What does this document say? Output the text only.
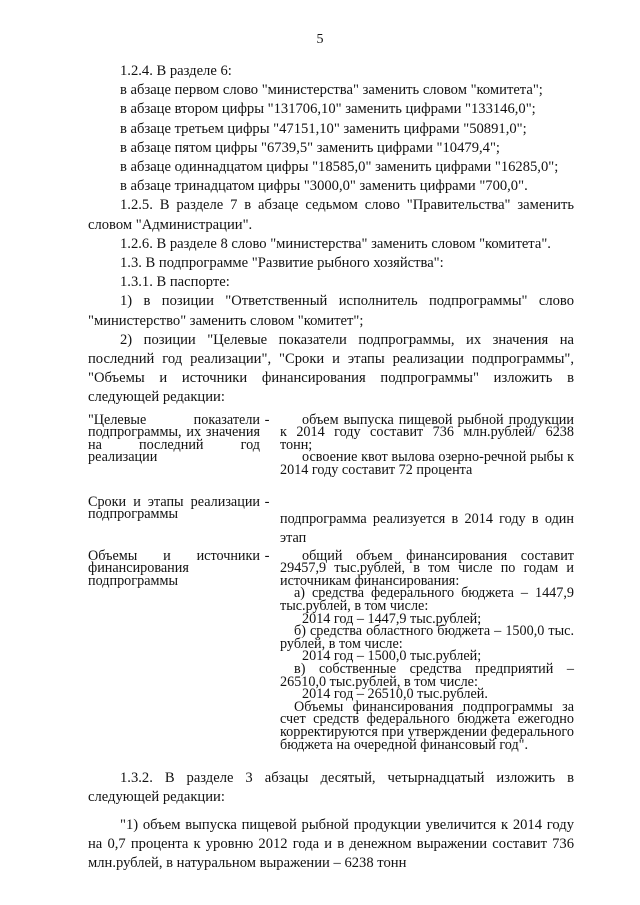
5

1.2.4. В разделе 6:

в абзаце первом слово "министерства" заменить словом "комитета";

в абзаце втором цифры "131706,10" заменить цифрами "133146,0";

в абзаце третьем цифры "47151,10" заменить цифрами "50891,0";

в абзаце пятом цифры "6739,5" заменить цифрами "10479,4";

в абзаце одиннадцатом цифры "18585,0" заменить цифрами "16285,0";

в абзаце тринадцатом цифры "3000,0" заменить цифрами "700,0".

1.2.5. В разделе 7 в абзаце седьмом слово "Правительства" заменить словом "Администрации".

1.2.6. В разделе 8 слово "министерства" заменить словом "комитета".

1.3. В подпрограмме "Развитие рыбного хозяйства":

1.3.1. В паспорте:

1) в позиции "Ответственный исполнитель подпрограммы" слово "министерство" заменить словом "комитет";

2) позиции "Целевые показатели подпрограммы, их значения на последний год реализации", "Сроки и этапы реализации подпрограммы", "Объемы и источники финансирования подпрограммы" изложить в следующей редакции:

"Целевые показатели подпрограммы, их значения на последний год реализации
-	объем выпуска пищевой рыбной продукции к 2014 году составит 736 млн.рублей/ 6238 тонн;

освоение квот вылова озерно-речной рыбы к 2014 году составит 72 процента

Сроки и этапы реализации подпрограммы
-

подпрограмма реализуется в 2014 году в один этап

Объемы и источники финансирования подпрограммы
-	общий объем финансирования составит 29457,9 тыс.рублей, в том числе по годам и источникам финансирования:

а) средства федерального бюджета – 1447,9 тыс.рублей, в том числе:

2014 год – 1447,9 тыс.рублей;

б) средства областного бюджета – 1500,0 тыс. рублей, в том числе:

2014 год – 1500,0 тыс.рублей;

в) собственные средства предприятий – 26510,0 тыс.рублей, в том числе:

2014 год – 26510,0 тыс.рублей.

Объемы финансирования подпрограммы за счет средств федерального бюджета ежегодно корректируются при утверждении федерального бюджета на очередной финансовый год".

1.3.2. В разделе 3 абзацы десятый, четырнадцатый изложить в следующей редакции:

"1) объем выпуска пищевой рыбной продукции увеличится к 2014 году на 0,7 процента к уровню 2012 года и в денежном выражении составит 736 млн.рублей, в натуральном выражении – 6238 тонн
